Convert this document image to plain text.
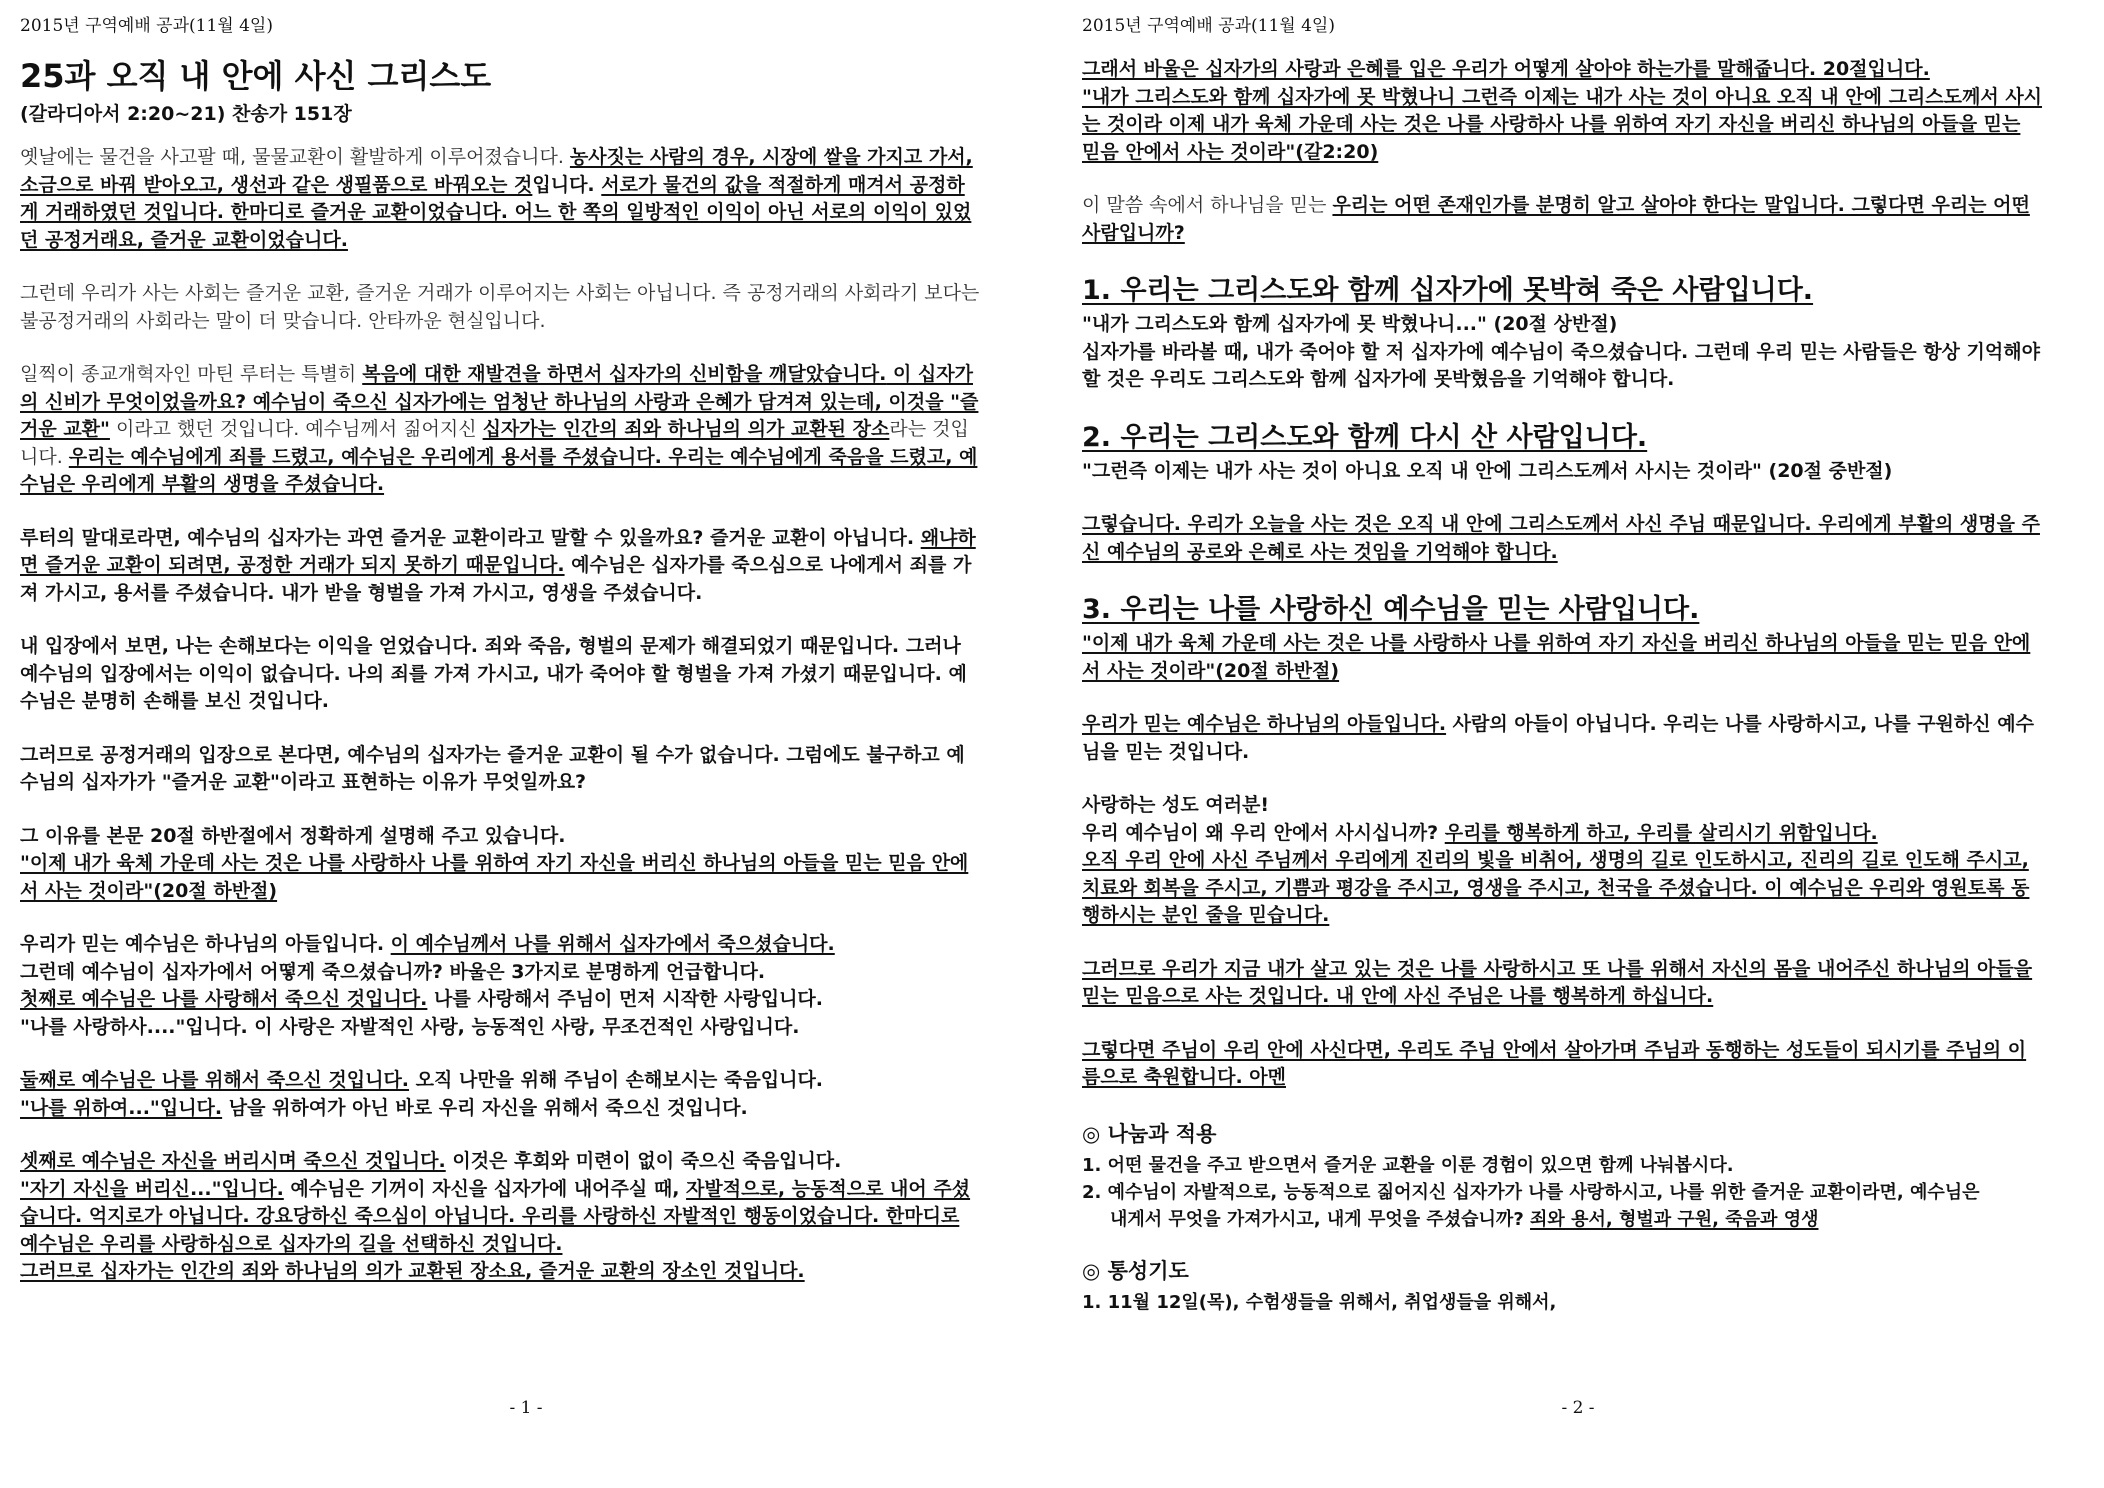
2015년 구역예배 공과(11월 4일)
25과 오직 내 안에 사신 그리스도
(갈라디아서 2:20~21) 찬송가 151장

옛날에는 물건을 사고팔 때, 물물교환이 활발하게 이루어졌습니다. 농사짓는 사람의 경우, 시장에 쌀을 가지고 가서, 소금으로 바꿔 받아오고, 생선과 같은 생필품으로 바꿔오는 것입니다. 서로가 물건의 값을 적절하게 매겨서 공정하게 거래하였던 것입니다. 한마디로 즐거운 교환이었습니다. 어느 한 쪽의 일방적인 이익이 아닌 서로의 이익이 있었던 공정거래요, 즐거운 교환이었습니다.

그런데 우리가 사는 사회는 즐거운 교환, 즐거운 거래가 이루어지는 사회는 아닙니다. 즉 공정거래의 사회라기 보다는 불공정거래의 사회라는 말이 더 맞습니다. 안타까운 현실입니다.

일찍이 종교개혁자인 마틴 루터는 특별히 복음에 대한 재발견을 하면서 십자가의 신비함을 깨달았습니다. 이 십자가의 신비가 무엇이었을까요? 예수님이 죽으신 십자가에는 엄청난 하나님의 사랑과 은혜가 담겨져 있는데, 이것을 "즐거운 교환" 이라고 했던 것입니다. 예수님께서 짊어지신 십자가는 인간의 죄와 하나님의 의가 교환된 장소라는 것입니다. 우리는 예수님에게 죄를 드렸고, 예수님은 우리에게 용서를 주셨습니다. 우리는 예수님에게 죽음을 드렸고, 예수님은 우리에게 부활의 생명을 주셨습니다.

루터의 말대로라면, 예수님의 십자가는 과연 즐거운 교환이라고 말할 수 있을까요? 즐거운 교환이 아닙니다. 왜냐하면 즐거운 교환이 되려면, 공정한 거래가 되지 못하기 때문입니다. 예수님은 십자가를 죽으심으로 나에게서 죄를 가져 가시고, 용서를 주셨습니다. 내가 받을 형벌을 가져 가시고, 영생을 주셨습니다.

내 입장에서 보면, 나는 손해보다는 이익을 얻었습니다. 죄와 죽음, 형벌의 문제가 해결되었기 때문입니다. 그러나 예수님의 입장에서는 이익이 없습니다. 나의 죄를 가져 가시고, 내가 죽어야 할 형벌을 가져 가셨기 때문입니다. 예수님은 분명히 손해를 보신 것입니다.

그러므로 공정거래의 입장으로 본다면, 예수님의 십자가는 즐거운 교환이 될 수가 없습니다. 그럼에도 불구하고 예수님의 십자가가 "즐거운 교환"이라고 표현하는 이유가 무엇일까요?

그 이유를 본문 20절 하반절에서 정확하게 설명해 주고 있습니다.
"이제 내가 육체 가운데 사는 것은 나를 사랑하사 나를 위하여 자기 자신을 버리신 하나님의 아들을 믿는 믿음 안에서 사는 것이라"(20절 하반절)

우리가 믿는 예수님은 하나님의 아들입니다. 이 예수님께서 나를 위해서 십자가에서 죽으셨습니다.
그런데 예수님이 십자가에서 어떻게 죽으셨습니까? 바울은 3가지로 분명하게 언급합니다.
첫째로 예수님은 나를 사랑해서 죽으신 것입니다. 나를 사랑해서 주님이 먼저 시작한 사랑입니다.
"나를 사랑하사...."입니다. 이 사랑은 자발적인 사랑, 능동적인 사랑, 무조건적인 사랑입니다.

둘째로 예수님은 나를 위해서 죽으신 것입니다. 오직 나만을 위해 주님이 손해보시는 죽음입니다.
"나를 위하여..."입니다. 남을 위하여가 아닌 바로 우리 자신을 위해서 죽으신 것입니다.

셋째로 예수님은 자신을 버리시며 죽으신 것입니다. 이것은 후회와 미련이 없이 죽으신 죽음입니다.
"자기 자신을 버리신..."입니다. 예수님은 기꺼이 자신을 십자가에 내어주실 때, 자발적으로, 능동적으로 내어 주셨습니다. 억지로가 아닙니다. 강요당하신 죽으심이 아닙니다. 우리를 사랑하신 자발적인 행동이었습니다. 한마디로 예수님은 우리를 사랑하심으로 십자가의 길을 선택하신 것입니다.
그러므로 십자가는 인간의 죄와 하나님의 의가 교환된 장소요, 즐거운 교환의 장소인 것입니다.

- 1 -
2015년 구역예배 공과(11월 4일)

그래서 바울은 십자가의 사랑과 은혜를 입은 우리가 어떻게 살아야 하는가를 말해줍니다. 20절입니다.
"내가 그리스도와 함께 십자가에 못 박혔나니 그런즉 이제는 내가 사는 것이 아니요 오직 내 안에 그리스도께서 사시는 것이라 이제 내가 육체 가운데 사는 것은 나를 사랑하사 나를 위하여 자기 자신을 버리신 하나님의 아들을 믿는 믿음 안에서 사는 것이라"(갈2:20)

이 말씀 속에서 하나님을 믿는 우리는 어떤 존재인가를 분명히 알고 살아야 한다는 말입니다. 그렇다면 우리는 어떤 사람입니까?

1. 우리는 그리스도와 함께 십자가에 못박혀 죽은 사람입니다.

"내가 그리스도와 함께 십자가에 못 박혔나니..." (20절 상반절)
십자가를 바라볼 때, 내가 죽어야 할 저 십자가에 예수님이 죽으셨습니다. 그런데 우리 믿는 사람들은 항상 기억해야할 것은 우리도 그리스도와 함께 십자가에 못박혔음을 기억해야 합니다.

2. 우리는 그리스도와 함께 다시 산 사람입니다.

"그런즉 이제는 내가 사는 것이 아니요 오직 내 안에 그리스도께서 사시는 것이라" (20절 중반절)

그렇습니다. 우리가 오늘을 사는 것은 오직 내 안에 그리스도께서 사신 주님 때문입니다. 우리에게 부활의 생명을 주신 예수님의 공로와 은혜로 사는 것임을 기억해야 합니다.

3. 우리는 나를 사랑하신 예수님을 믿는 사람입니다.

"이제 내가 육체 가운데 사는 것은 나를 사랑하사 나를 위하여 자기 자신을 버리신 하나님의 아들을 믿는 믿음 안에서 사는 것이라"(20절 하반절)

우리가 믿는 예수님은 하나님의 아들입니다. 사람의 아들이 아닙니다. 우리는 나를 사랑하시고, 나를 구원하신 예수님을 믿는 것입니다.

사랑하는 성도 여러분!
우리 예수님이 왜 우리 안에서 사시십니까? 우리를 행복하게 하고, 우리를 살리시기 위함입니다.
오직 우리 안에 사신 주님께서 우리에게 진리의 빛을 비취어, 생명의 길로 인도하시고, 진리의 길로 인도해 주시고, 치료와 회복을 주시고, 기쁨과 평강을 주시고, 영생을 주시고, 천국을 주셨습니다. 이 예수님은 우리와 영원토록 동행하시는 분인 줄을 믿습니다.

그러므로 우리가 지금 내가 살고 있는 것은 나를 사랑하시고 또 나를 위해서 자신의 몸을 내어주신 하나님의 아들을 믿는 믿음으로 사는 것입니다. 내 안에 사신 주님은 나를 행복하게 하십니다.

그렇다면 주님이 우리 안에 사신다면, 우리도 주님 안에서 살아가며 주님과 동행하는 성도들이 되시기를 주님의 이름으로 축원합니다. 아멘

◎ 나눔과 적용

1. 어떤 물건을 주고 받으면서 즐거운 교환을 이룬 경험이 있으면 함께 나눠봅시다.

2. 예수님이 자발적으로, 능동적으로 짊어지신 십자가가 나를 사랑하시고, 나를 위한 즐거운 교환이라면, 예수님은

내게서 무엇을 가져가시고, 내게 무엇을 주셨습니까? 죄와 용서, 형벌과 구원, 죽음과 영생

◎ 통성기도

1. 11월 12일(목), 수험생들을 위해서, 취업생들을 위해서,

- 2 -
